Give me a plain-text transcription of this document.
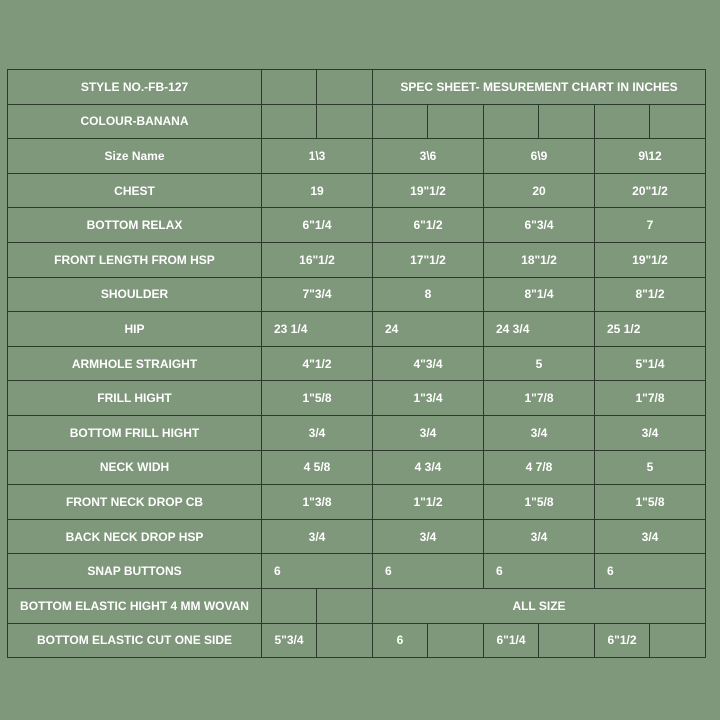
STYLE NO.-FB-127			SPEC SHEET- MESUREMENT CHART IN INCHES					
COLOUR-BANANA								
Size Name	1\3		3\6		6\9		9\12	
CHEST	19		19"1/2		20		20"1/2	
BOTTOM RELAX	6"1/4		6"1/2		6"3/4		7	
FRONT LENGTH FROM HSP	16"1/2		17"1/2		18"1/2		19"1/2	
SHOULDER	7"3/4		8		8"1/4		8"1/2	
HIP	23 1/4		24		24 3/4		25 1/2	
ARMHOLE STRAIGHT	4"1/2		4"3/4		5		5"1/4	
FRILL HIGHT	1"5/8		1"3/4		1"7/8		1"7/8	
BOTTOM FRILL HIGHT	3/4		3/4		3/4		3/4	
NECK WIDH	4 5/8		4 3/4		4 7/8		5	
FRONT NECK DROP CB	1"3/8		1"1/2		1"5/8		1"5/8	
BACK NECK DROP HSP	3/4		3/4		3/4		3/4	
SNAP BUTTONS	6		6		6		6	
BOTTOM ELASTIC HIGHT 4 MM WOVAN			ALL SIZE					
BOTTOM ELASTIC CUT ONE SIDE	5"3/4		6		6"1/4		6"1/2	
